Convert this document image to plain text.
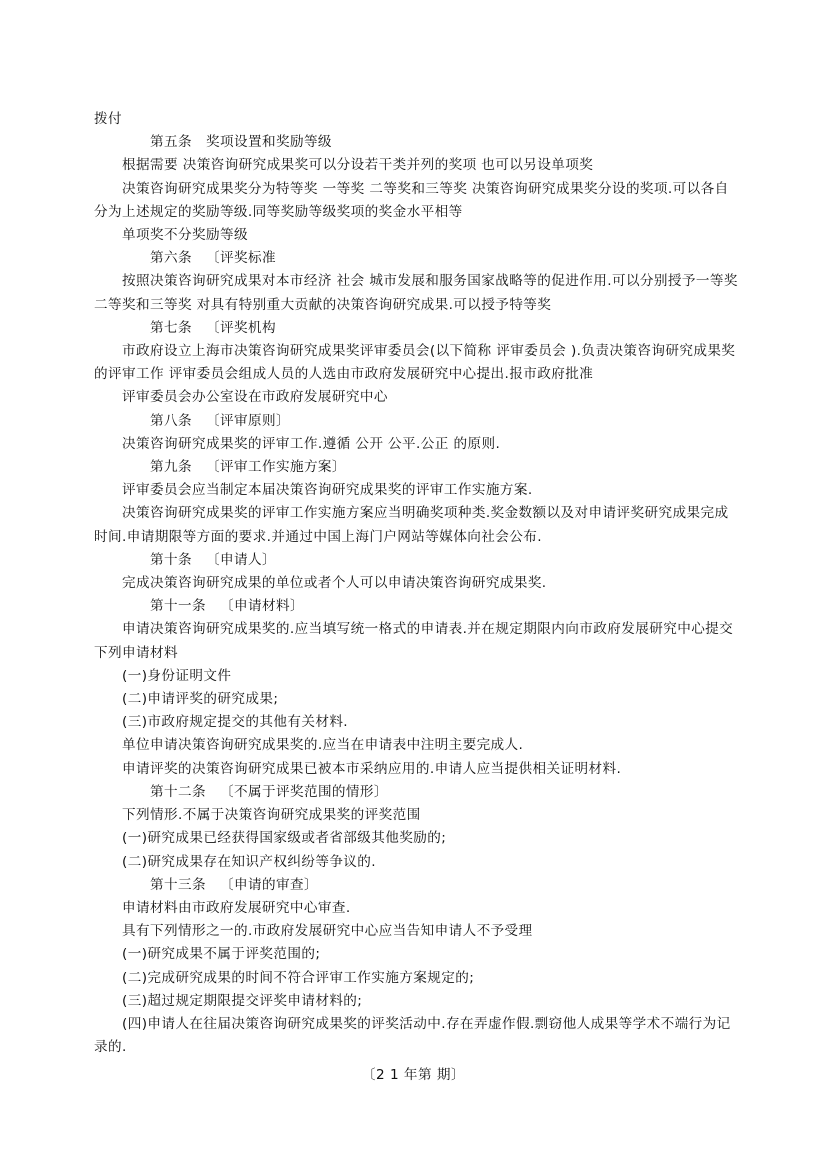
拨付

第五条 奖项设置和奖励等级

根据需要 决策咨询研究成果奖可以分设若干类并列的奖项 也可以另设单项奖

决策咨询研究成果奖分为特等奖 一等奖 二等奖和三等奖 决策咨询研究成果奖分设的奖项.可以各自分为上述规定的奖励等级.同等奖励等级奖项的奖金水平相等

单项奖不分奖励等级

第六条 〔评奖标准

按照决策咨询研究成果对本市经济 社会 城市发展和服务国家战略等的促进作用.可以分别授予一等奖 二等奖和三等奖 对具有特别重大贡献的决策咨询研究成果.可以授予特等奖

第七条 〔评奖机构

市政府设立上海市决策咨询研究成果奖评审委员会(以下简称 评审委员会 ).负责决策咨询研究成果奖的评审工作 评审委员会组成人员的人选由市政府发展研究中心提出.报市政府批准

评审委员会办公室设在市政府发展研究中心

第八条 〔评审原则〕

决策咨询研究成果奖的评审工作.遵循 公开 公平.公正 的原则.

第九条 〔评审工作实施方案〕

评审委员会应当制定本届决策咨询研究成果奖的评审工作实施方案.

决策咨询研究成果奖的评审工作实施方案应当明确奖项种类.奖金数额以及对申请评奖研究成果完成时间.申请期限等方面的要求.并通过中国上海门户网站等媒体向社会公布.

第十条 〔申请人〕

完成决策咨询研究成果的单位或者个人可以申请决策咨询研究成果奖.

第十一条 〔申请材料〕

申请决策咨询研究成果奖的.应当填写统一格式的申请表.并在规定期限内向市政府发展研究中心提交下列申请材料

(一)身份证明文件

(二)申请评奖的研究成果;

(三)市政府规定提交的其他有关材料.

单位申请决策咨询研究成果奖的.应当在申请表中注明主要完成人.

申请评奖的决策咨询研究成果已被本市采纳应用的.申请人应当提供相关证明材料.

第十二条 〔不属于评奖范围的情形〕

下列情形.不属于决策咨询研究成果奖的评奖范围

(一)研究成果已经获得国家级或者省部级其他奖励的;

(二)研究成果存在知识产权纠纷等争议的.

第十三条 〔申请的审查〕

申请材料由市政府发展研究中心审查.

具有下列情形之一的.市政府发展研究中心应当告知申请人不予受理

(一)研究成果不属于评奖范围的;

(二)完成研究成果的时间不符合评审工作实施方案规定的;

(三)超过规定期限提交评奖申请材料的;

(四)申请人在往届决策咨询研究成果奖的评奖活动中.存在弄虚作假.剽窃他人成果等学术不端行为记录的.

〔2 1 年第 期〕
